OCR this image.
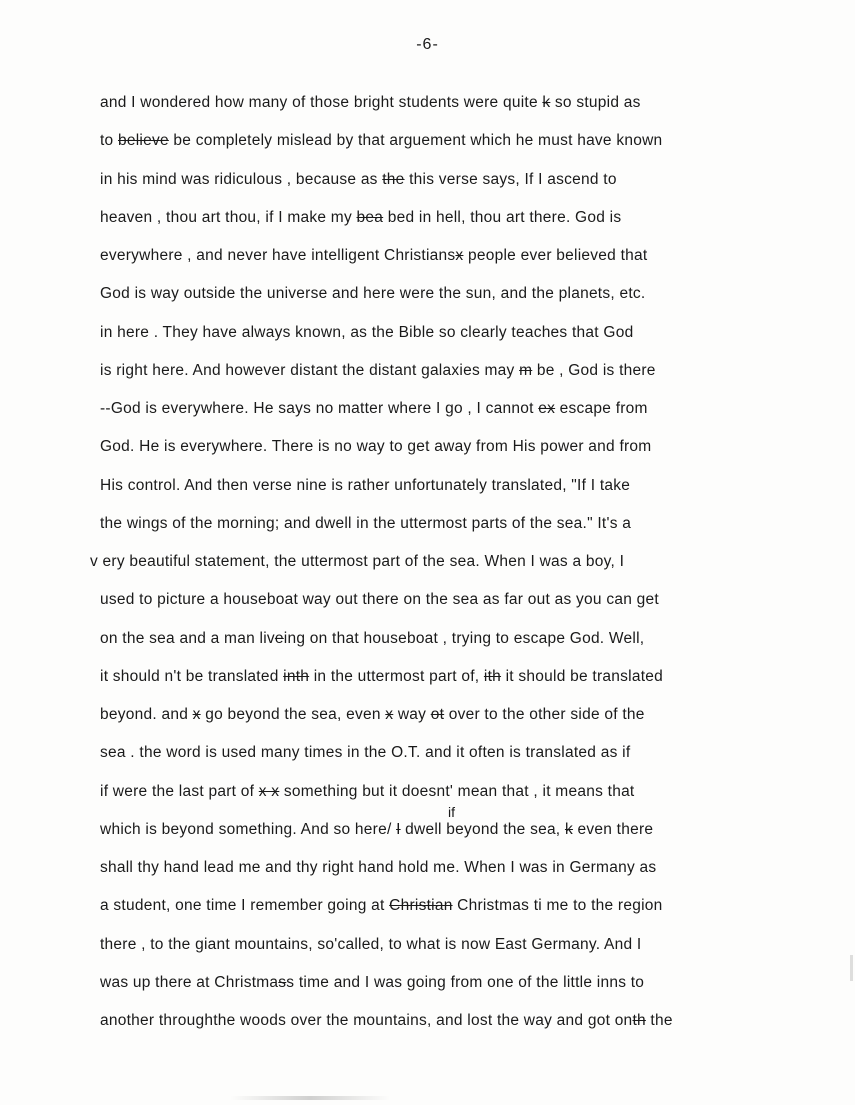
-6-
and I wondered how many of those bright students were quite k so stupid as
to believe be completely mislead by that arguement which he must have known
in his mind was ridiculous , because as the this verse says, If I ascend to
heaven , thou art thou, if I make my bea bed in hell, thou art there. God is
everywhere , and never have intelligent Christiansx people ever believed that
God is way outside the universe and here were the sun, and the planets, etc.
in here . They have always known, as the Bible so clearly teaches that God
is right here. And however distant the distant galaxies may m be , God is there
--God is everywhere. He says no matter where I go , I cannot ex escape from
God. He is everywhere. There is no way to get away from His power and from
His control. And then verse nine is rather unfortunately translated, "If I take
the wings of the morning; and dwell in the uttermost parts of the sea." It's a
v ery beautiful statement, the uttermost part of the sea. When I was a boy, I
used to picture a houseboat way out there on the sea as far out as you can get
on the sea and a man liveing on that houseboat , trying to escape God. Well,
it should n't be translated inth in the uttermost part of, ith it should be translated
beyond. and x go beyond the sea, even x way ot over to the other side of the
sea . the word is used many times in the O.T. and it often is translated as if
if were the last part of x x something but it doesnt' mean that , it means that
which is beyond something. And so here/ I dwell beyond the sea, k even there
shall thy hand lead me and thy right hand hold me. When I was in Germany as
a student, one time I remember going at Christian Christmas ti me to the region
there , to the giant mountains, so'called, to what is now East Germany. And I
was up there at Christmass time and I was going from one of the little inns to
another throughthe woods over the mountains, and lost the way and got onth the
if
